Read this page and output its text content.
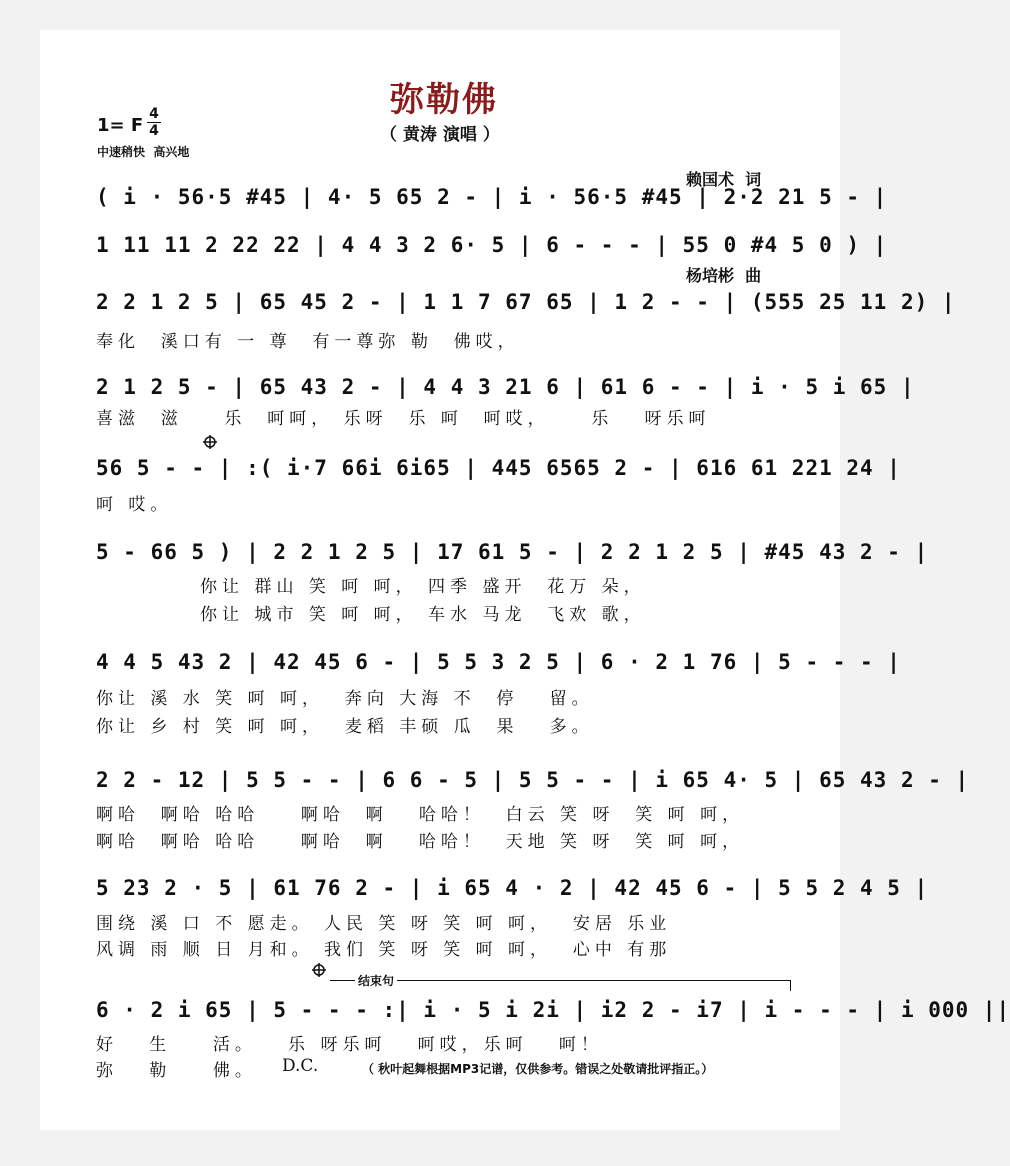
弥勒佛
（ 黄涛 演唱 ）

赖国术  词

杨培彬  曲

1= F
4
4
中速稍快  高兴地
( i · 56·5 #45 | 4· 5 65 2 - | i · 56·5 #45 | 2·2 21 5 - |
1 11 11 2 22 22 | 4 4 3 2 6· 5 | 6 - - - | 55 0 #4 5 0 ) |
2 2 1 2 5 | 65 45 2 - | 1 1 7 67 65 | 1 2 - - | (555 25 11 2) |
奉化  溪口有 一 尊  有一尊弥 勒  佛哎，
2 1 2 5 - | 65 43 2 - | 4 4 3 21 6 | 61 6 - - | i · 5 i 65 |
喜滋  滋    乐  呵呵， 乐呀  乐 呵  呵哎，    乐   呀乐呵
56 5 - - | :( i·7 66i 6i65 | 445 6565 2 - | 616 61 221 24 |
呵 哎。
5 - 66 5 ) | 2 2 1 2 5 | 17 61 5 - | 2 2 1 2 5 | #45 43 2 - |
你让 群山 笑 呵 呵， 四季 盛开  花万 朵，
你让 城市 笑 呵 呵， 车水 马龙  飞欢 歌，
4 4 5 43 2 | 42 45 6 - | 5 5 3 2 5 | 6 · 2 1 76 | 5 - - - |
你让 溪 水 笑 呵 呵，  奔向 大海 不  停   留。
你让 乡 村 笑 呵 呵，  麦稻 丰硕 瓜  果   多。
2 2 - 12 | 5 5 - - | 6 6 - 5 | 5 5 - - | i 65 4· 5 | 65 43 2 - |
啊哈  啊哈 哈哈    啊哈  啊   哈哈！  白云 笑 呀  笑 呵 呵，
啊哈  啊哈 哈哈    啊哈  啊   哈哈！  天地 笑 呀  笑 呵 呵，
5 23 2 · 5 | 61 76 2 - | i 65 4 · 2 | 42 45 6 - | 5 5 2 4 5 |
围绕 溪 口 不 愿走。 人民 笑 呀 笑 呵 呵，  安居 乐业
风调 雨 顺 日 月和。 我们 笑 呀 笑 呵 呵，  心中 有那
结束句
6 · 2 i 65 | 5 - - - :| i · 5 i 2i | i2 2 - i7 | i - - - | i 000 ||
好   生    活。   乐 呀乐呵   呵哎，乐呵   呵！
弥   勒    佛。 D.C.	（ 秋叶起舞根据MP3记谱，仅供参考。错误之处敬请批评指正。）
